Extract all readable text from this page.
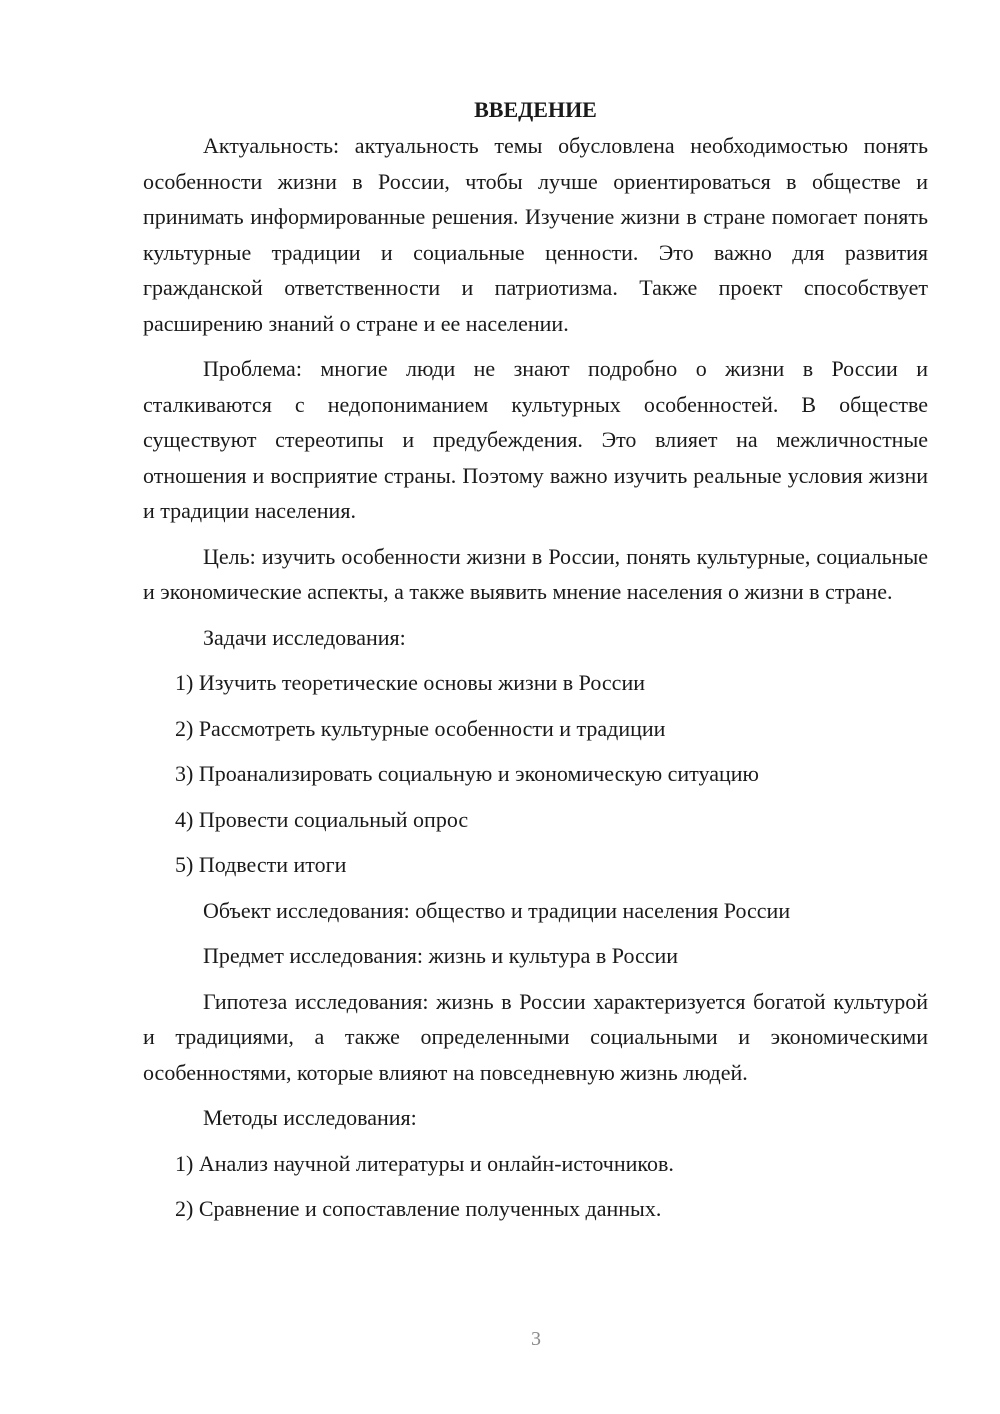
ВВЕДЕНИЕ

Актуальность: актуальность темы обусловлена необходимостью понять особенности жизни в России, чтобы лучше ориентироваться в обществе и принимать информированные решения. Изучение жизни в стране помогает понять культурные традиции и социальные ценности. Это важно для развития гражданской ответственности и патриотизма. Также проект способствует расширению знаний о стране и ее населении.

Проблема: многие люди не знают подробно о жизни в России и сталкиваются с недопониманием культурных особенностей. В обществе существуют стереотипы и предубеждения. Это влияет на межличностные отношения и восприятие страны. Поэтому важно изучить реальные условия жизни и традиции населения.

Цель: изучить особенности жизни в России, понять культурные, социальные и экономические аспекты, а также выявить мнение населения о жизни в стране.

Задачи исследования:

1) Изучить теоретические основы жизни в России

2) Рассмотреть культурные особенности и традиции

3) Проанализировать социальную и экономическую ситуацию

4) Провести социальный опрос

5) Подвести итоги

Объект исследования: общество и традиции населения России

Предмет исследования: жизнь и культура в России

Гипотеза исследования: жизнь в России характеризуется богатой культурой и традициями, а также определенными социальными и экономическими особенностями, которые влияют на повседневную жизнь людей.

Методы исследования:

1) Анализ научной литературы и онлайн-источников.

2) Сравнение и сопоставление полученных данных.

3
